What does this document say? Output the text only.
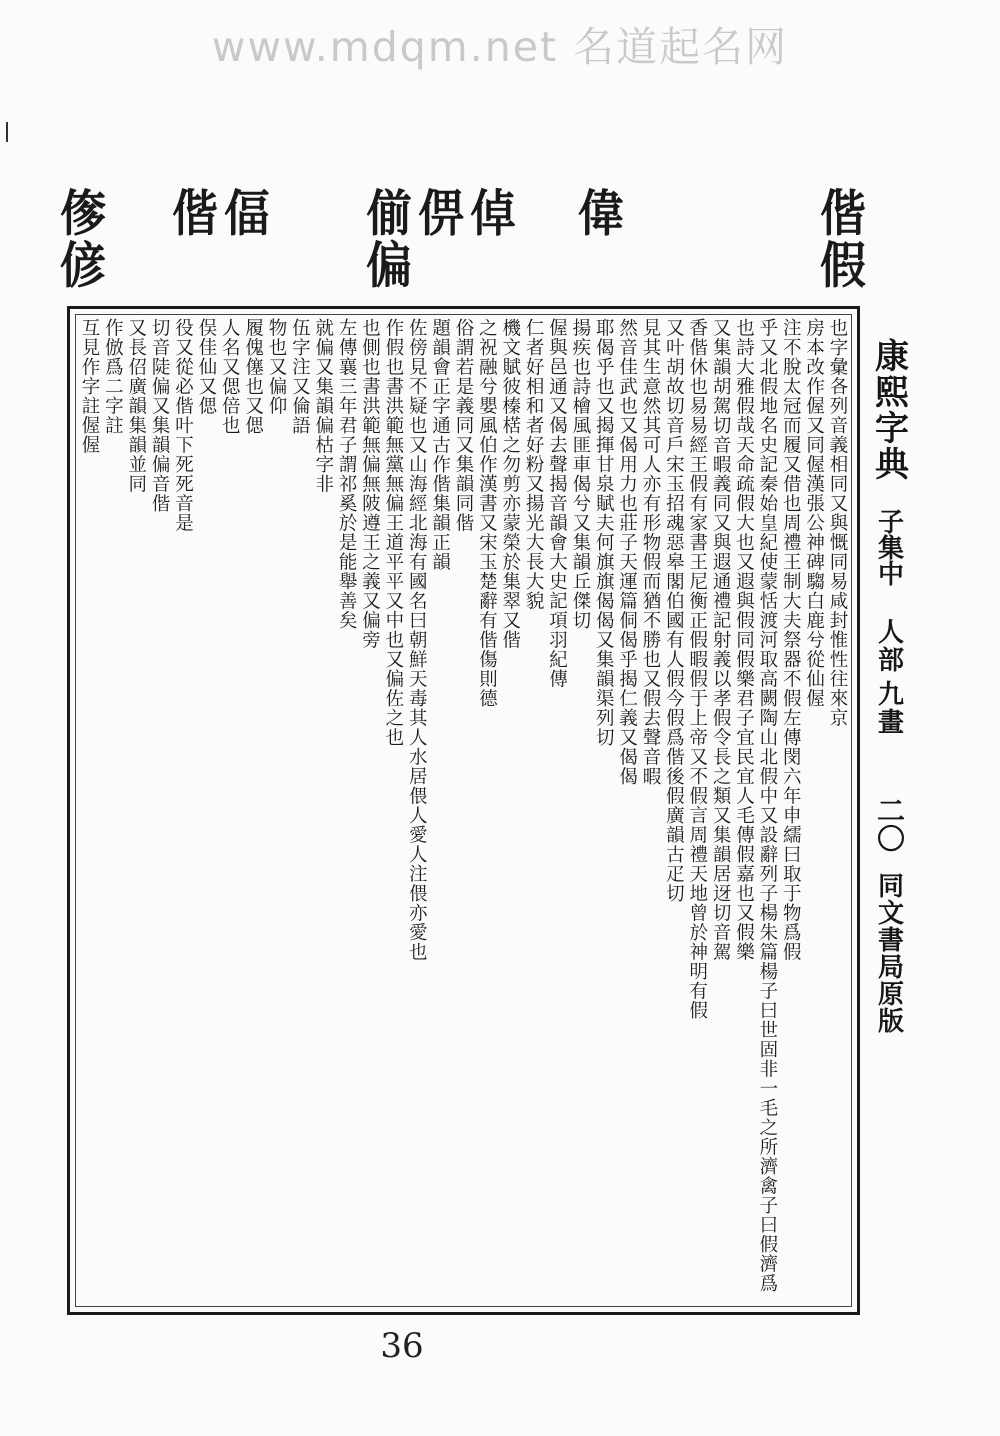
www.mdqm.net 名道起名网
偕
假
偉
倬
㑭
偂
偏
偪
偕
偧
偐
也字彙各列音義相同又與慨同易咸封惟性往來京
房本改作偓又同偓漢張公神碑騶白鹿兮從仙偓
注不脫太冠而履又借也周禮王制大夫祭器不假左傳閔六年申繻曰取于物爲假
乎又北假地名史記秦始皇紀使蒙恬渡河取高闕陶山北假中又設辭列子楊朱篇楊子曰世固非一毛之所濟禽子曰假濟爲
也詩大雅假哉天命疏假大也又遐與假同假樂君子宜民宜人毛傳假嘉也又假樂
又集韻胡駕切音暇義同又與遐通禮記射義以孝假令長之類又集韻居迓切音駕
香偕休也易易經王假有家書王尼衡正假暇假于上帝又不假言周禮天地曾於神明有假
又叶胡故切音戶宋玉招魂惡皋閣伯國有人假今假爲偕後假廣韻古疋切
見其生意然其可人亦有形物假而猶不勝也又假去聲音暇
然音佳武也又偈用力也莊子天運篇侗偈乎揭仁義又偈偈
耶偈乎也又揭揮甘泉賦夫何旗旗偈偈又集韻渠列切
揚疾也詩檜風匪車偈兮又集韻丘傑切
偓與邑通又偈去聲揭音韻會大史記項羽紀傳
仁者好相和者好粉又揚光大長大貌
機文賦彼榛楛之勿剪亦蒙榮於集翠又偕
之祝融兮嬰風伯作漢書又宋玉楚辭有偕傷則德
俗謂若是義同又集韻同偕
題韻會正字通古作偕集韻正韻
佐傍見不疑也又山海經北海有國名曰朝鮮天毒其人水居偎人愛人注偎亦愛也
作假也書洪範無黨無偏王道平平又中也又偏佐之也
也側也書洪範無偏無陂遵王之義又偏旁
左傳襄三年君子謂祁奚於是能舉善矣
就偏又集韻偏枯字非
伍字注又倫語
物也又偏仰
履傀僿也又偲
人名又偲倍也
俣佳仙又偲
役又從必偕叶下死死音是
切音陡偏又集韻偏音偕
又長佋廣韻集韻並同
作倣爲二字註
互見作字註偓偓	康熙字典
子集中
人部
九畫
二〇
同文書局原版
36
